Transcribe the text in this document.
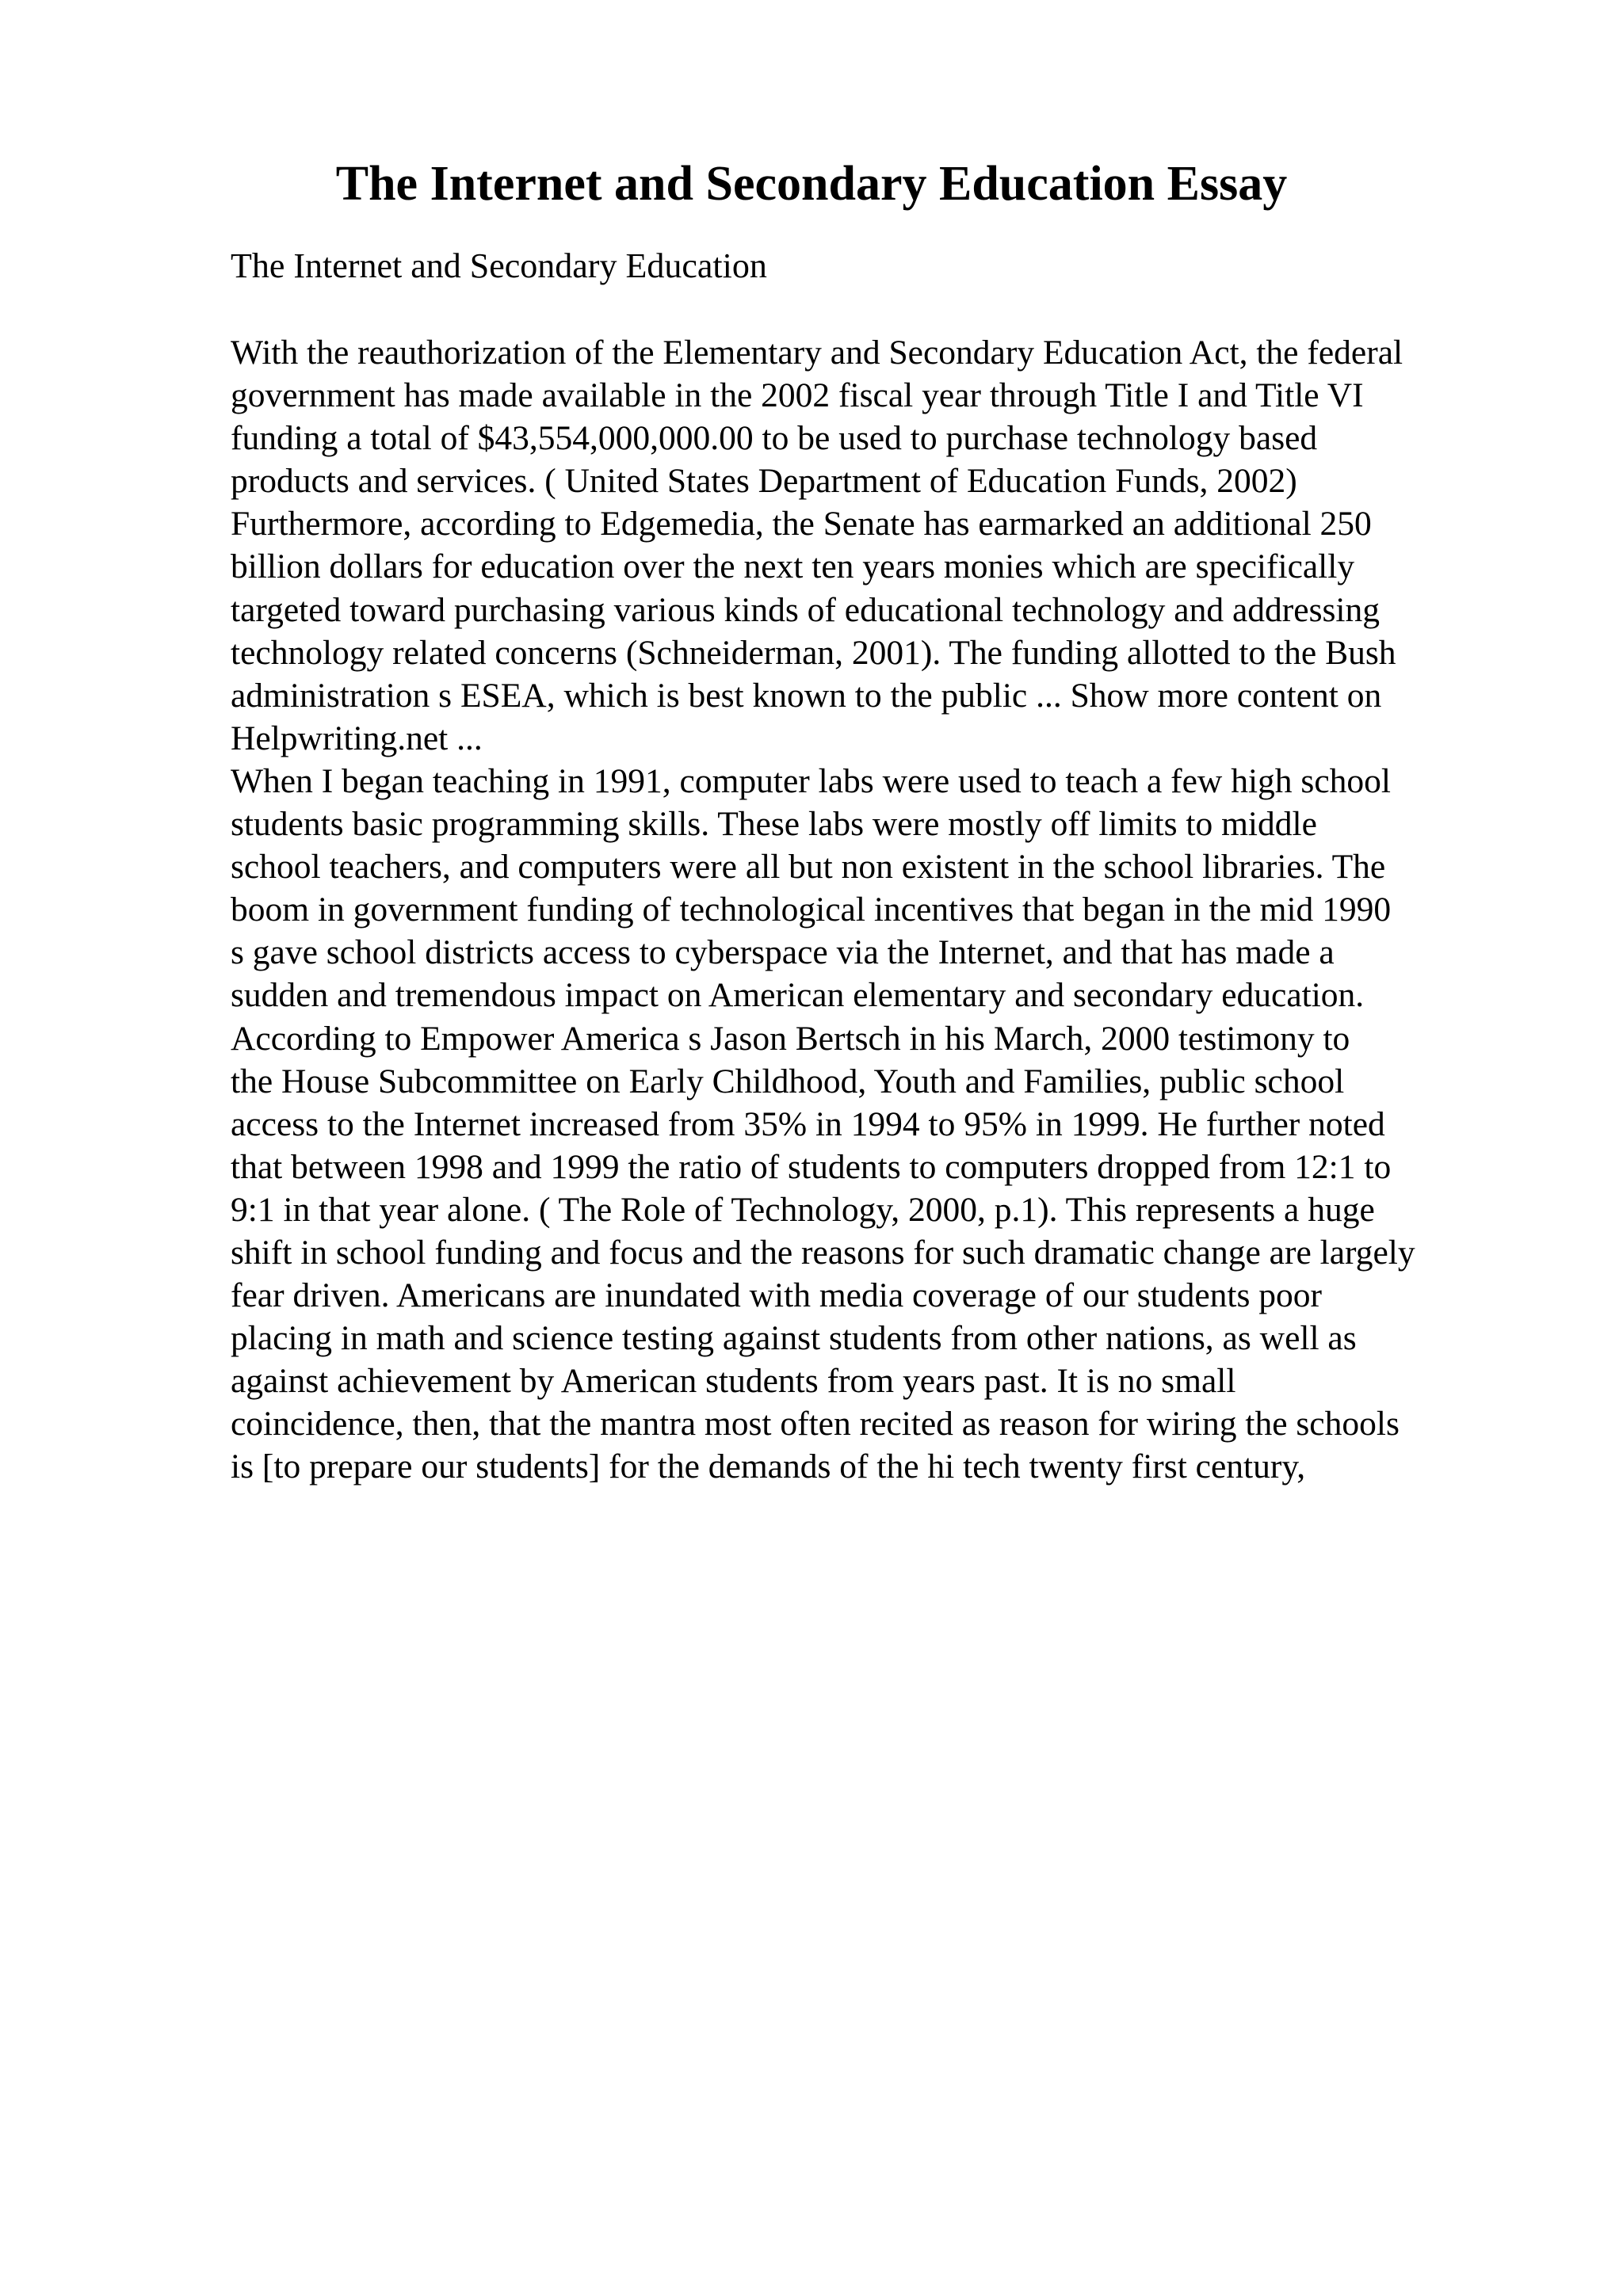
The Internet and Secondary Education Essay

The Internet and Secondary Education

With the reauthorization of the Elementary and Secondary Education Act, the federal
government has made available in the 2002 fiscal year through Title I and Title VI
funding a total of $43,554,000,000.00 to be used to purchase technology based
products and services. ( United States Department of Education Funds, 2002)
Furthermore, according to Edgemedia, the Senate has earmarked an additional 250
billion dollars for education over the next ten years monies which are specifically
targeted toward purchasing various kinds of educational technology and addressing
technology related concerns (Schneiderman, 2001). The funding allotted to the Bush
administration s ESEA, which is best known to the public ... Show more content on
Helpwriting.net ...
When I began teaching in 1991, computer labs were used to teach a few high school
students basic programming skills. These labs were mostly off limits to middle
school teachers, and computers were all but non existent in the school libraries. The
boom in government funding of technological incentives that began in the mid 1990
s gave school districts access to cyberspace via the Internet, and that has made a
sudden and tremendous impact on American elementary and secondary education.
According to Empower America s Jason Bertsch in his March, 2000 testimony to
the House Subcommittee on Early Childhood, Youth and Families, public school
access to the Internet increased from 35% in 1994 to 95% in 1999. He further noted
that between 1998 and 1999 the ratio of students to computers dropped from 12:1 to
9:1 in that year alone. ( The Role of Technology, 2000, p.1). This represents a huge
shift in school funding and focus and the reasons for such dramatic change are largely
fear driven. Americans are inundated with media coverage of our students poor
placing in math and science testing against students from other nations, as well as
against achievement by American students from years past. It is no small
coincidence, then, that the mantra most often recited as reason for wiring the schools
is [to prepare our students] for the demands of the hi tech twenty first century,
